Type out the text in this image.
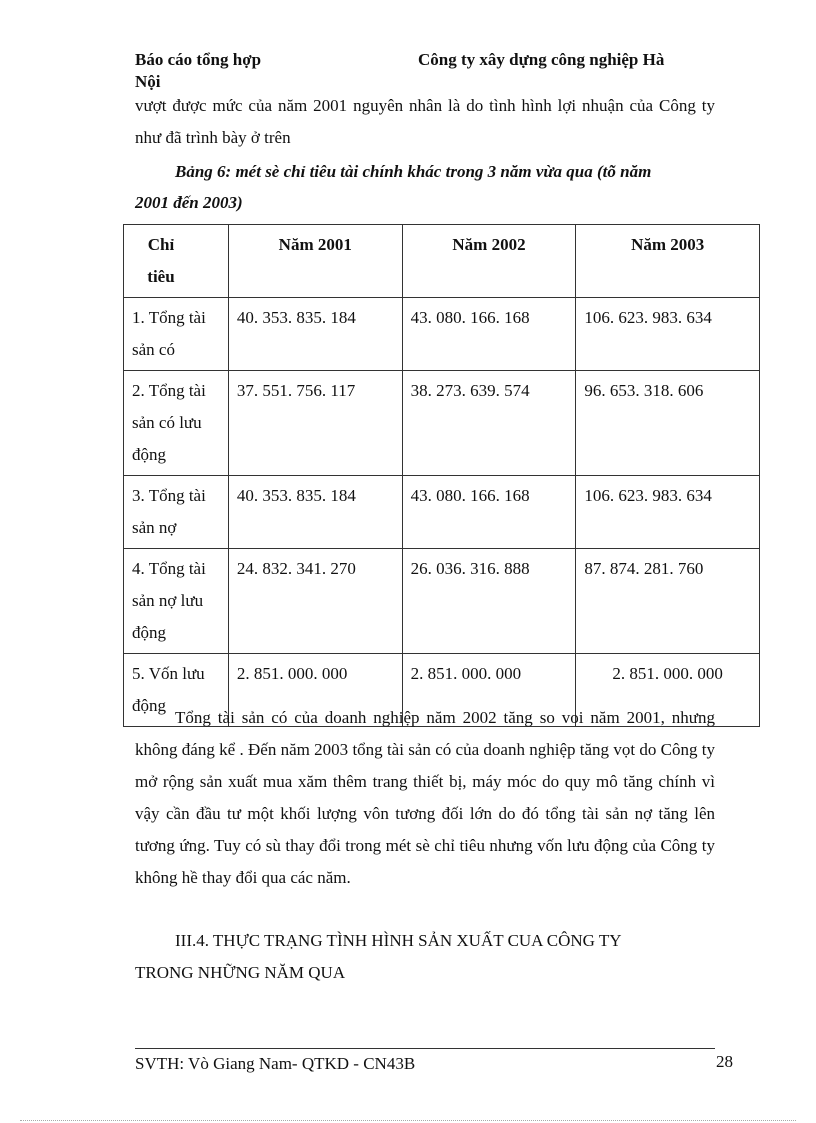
Báo cáo tổng hợp	Công ty xây dựng công nghiệp Hà
Nội
vượt được mức của năm 2001 nguyên nhân là do tình hình lợi nhuận của Công ty như đã trình bày ở trên
Bảng 6: mét sè chỉ tiêu tài chính khác trong 3 năm vừa qua (tõ năm
2001 đến 2003)
Chỉ tiêu	Năm 2001	Năm 2002	Năm 2003
1. Tổng tài sản có	40. 353. 835. 184	43. 080. 166. 168	106. 623. 983. 634

2. Tổng tài sản có lưu động	37. 551. 756. 117	38. 273. 639. 574	96. 653. 318. 606

3. Tổng tài sản nợ	40. 353. 835. 184	43. 080. 166. 168	106. 623. 983. 634

4. Tổng tài sản nợ lưu động	24. 832. 341. 270	26. 036. 316. 888	87. 874. 281. 760

5. Vốn lưu động	2. 851. 000. 000	2. 851. 000. 000	2. 851. 000. 000
Tổng tài sản có của doanh nghiệp năm 2002 tăng so voi năm 2001, nhưng không đáng kể . Đến năm 2003 tổng tài sản có của doanh nghiệp tăng vọt do Công ty mở rộng sản xuất mua xăm thêm trang thiết bị, máy móc do quy mô tăng chính vì vậy cần đầu tư một khối lượng vôn tương đối lớn do đó tổng tài sản nợ tăng lên tương ứng. Tuy có sù thay đổi trong mét sè chỉ tiêu nhưng vốn lưu động của Công ty không hề thay đổi qua các năm.
III.4. THỰC TRẠNG TÌNH HÌNH SẢN XUẤT CUA CÔNG TY
TRONG NHỮNG NĂM QUA
SVTH: Vò Giang Nam- QTKD - CN43B	28
